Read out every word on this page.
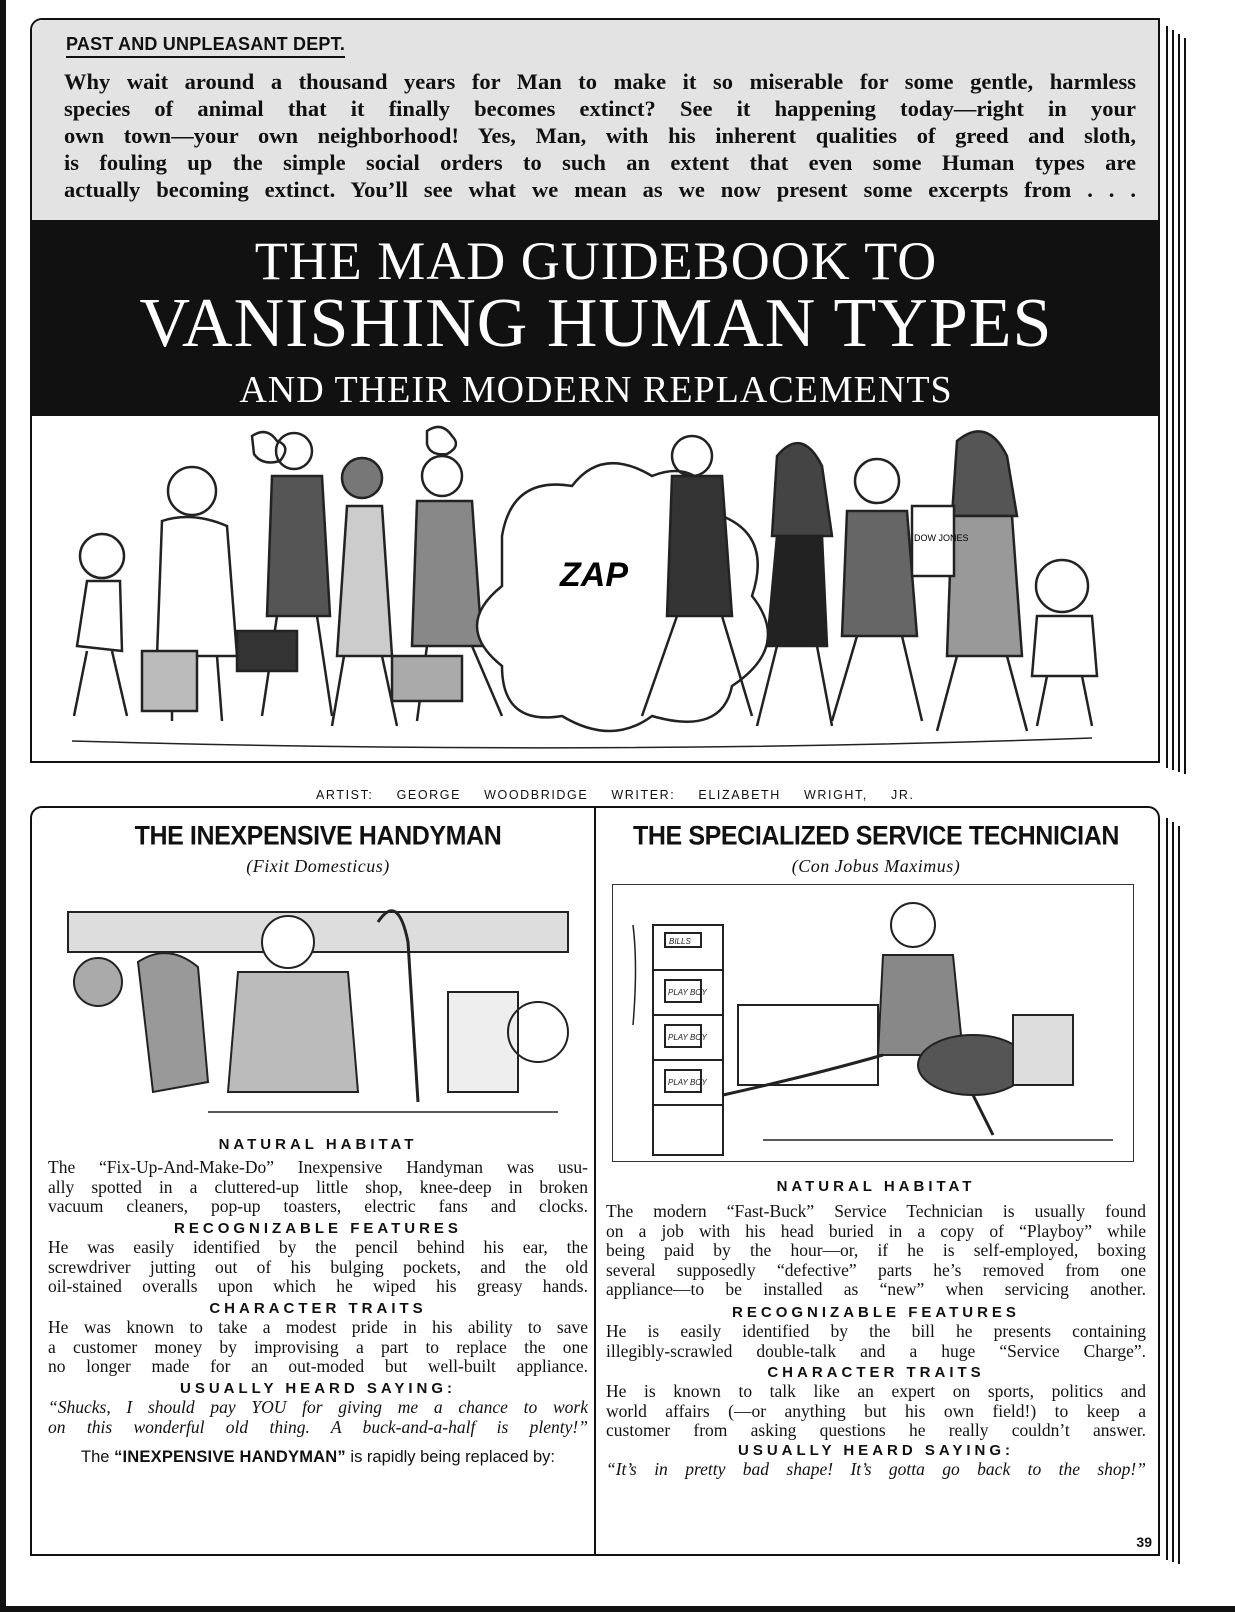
PAST AND UNPLEASANT DEPT.
Why wait around a thousand years for Man to make it so miserable for some gentle, harmless
species of animal that it finally becomes extinct? See it happening today—right in your
own town—your own neighborhood! Yes, Man, with his inherent qualities of greed and sloth,
is fouling up the simple social orders to such an extent that even some Human types are
actually becoming extinct. You’ll see what we mean as we now present some excerpts from . . .
THE MAD GUIDEBOOK TO
VANISHING HUMAN TYPES
AND THEIR MODERN REPLACEMENTS
ZAP
DOW JONES
ARTIST: GEORGE WOODBRIDGE WRITER: ELIZABETH WRIGHT, JR.
THE INEXPENSIVE HANDYMAN
(Fixit Domesticus)
NATURAL HABITAT
The “Fix-Up-And-Make-Do” Inexpensive Handyman was usu-
ally spotted in a cluttered-up little shop, knee-deep in broken
vacuum cleaners, pop-up toasters, electric fans and clocks.
RECOGNIZABLE FEATURES
He was easily identified by the pencil behind his ear, the
screwdriver jutting out of his bulging pockets, and the old
oil-stained overalls upon which he wiped his greasy hands.
CHARACTER TRAITS
He was known to take a modest pride in his ability to save
a customer money by improvising a part to replace the one
no longer made for an out-moded but well-built appliance.
USUALLY HEARD SAYING:
“Shucks, I should pay YOU for giving me a chance to work
on this wonderful old thing. A buck-and-a-half is plenty!”
The “INEXPENSIVE HANDYMAN” is rapidly being replaced by:
THE SPECIALIZED SERVICE TECHNICIAN
(Con Jobus Maximus)
BILLS
PLAY BOY
PLAY BOY
PLAY BOY
NATURAL HABITAT
The modern “Fast-Buck” Service Technician is usually found
on a job with his head buried in a copy of “Playboy” while
being paid by the hour—or, if he is self-employed, boxing
several supposedly “defective” parts he’s removed from one
appliance—to be installed as “new” when servicing another.
RECOGNIZABLE FEATURES
He is easily identified by the bill he presents containing
illegibly-scrawled double-talk and a huge “Service Charge”.
CHARACTER TRAITS
He is known to talk like an expert on sports, politics and
world affairs (—or anything but his own field!) to keep a
customer from asking questions he really couldn’t answer.
USUALLY HEARD SAYING:
“It’s in pretty bad shape! It’s gotta go back to the shop!”
39
